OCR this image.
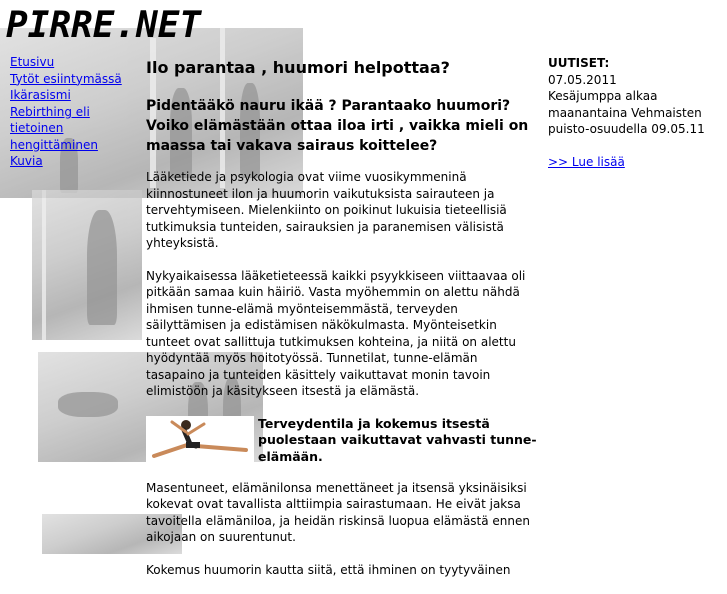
PIRRE.NET
Etusivu
Tytöt esiintymässä
Ikärasismi
Rebirthing eli tietoinen hengittäminen
Kuvia
Ilo parantaa , huumori helpottaa?
Pidentääkö nauru ikää ? Parantaako huumori? Voiko elämästään ottaa iloa irti , vaikka mieli on maassa tai vakava sairaus koittelee?

Lääketiede ja psykologia ovat viime vuosikymmeninä kiinnostuneet ilon ja huumorin vaikutuksista sairauteen ja tervehtymiseen. Mielenkiinto on poikinut lukuisia tieteellisiä tutkimuksia tunteiden, sairauksien ja paranemisen välisistä yhteyksistä.

Nykyaikaisessa lääketieteessä kaikki psyykkiseen viittaavaa oli pitkään samaa kuin häiriö. Vasta myöhemmin on alettu nähdä ihmisen tunne-elämä myönteisemmästä, terveyden säilyttämisen ja edistämisen näkökulmasta. Myönteisetkin tunteet ovat sallittuja tutkimuksen kohteina, ja niitä on alettu hyödyntää myös hoitotyössä. Tunnetilat, tunne-elämän tasapaino ja tunteiden käsittely vaikuttavat monin tavoin elimistöön ja käsitykseen itsestä ja elämästä.

Terveydentila ja kokemus itsestä puolestaan vaikuttavat vahvasti tunne-elämään.

Masentuneet, elämänilonsa menettäneet ja itsensä yksinäisiksi kokevat ovat tavallista alttiimpia sairastumaan. He eivät jaksa tavoitella elämäniloa, ja heidän riskinsä luopua elämästä ennen aikojaan on suurentunut.

Kokemus huumorin kautta siitä, että ihminen on tyytyväinen

UUTISET:
07.05.2011
Kesäjumppa alkaa
maanantaina Vehmaisten
puisto-osuudella 09.05.11
>> Lue lisää
